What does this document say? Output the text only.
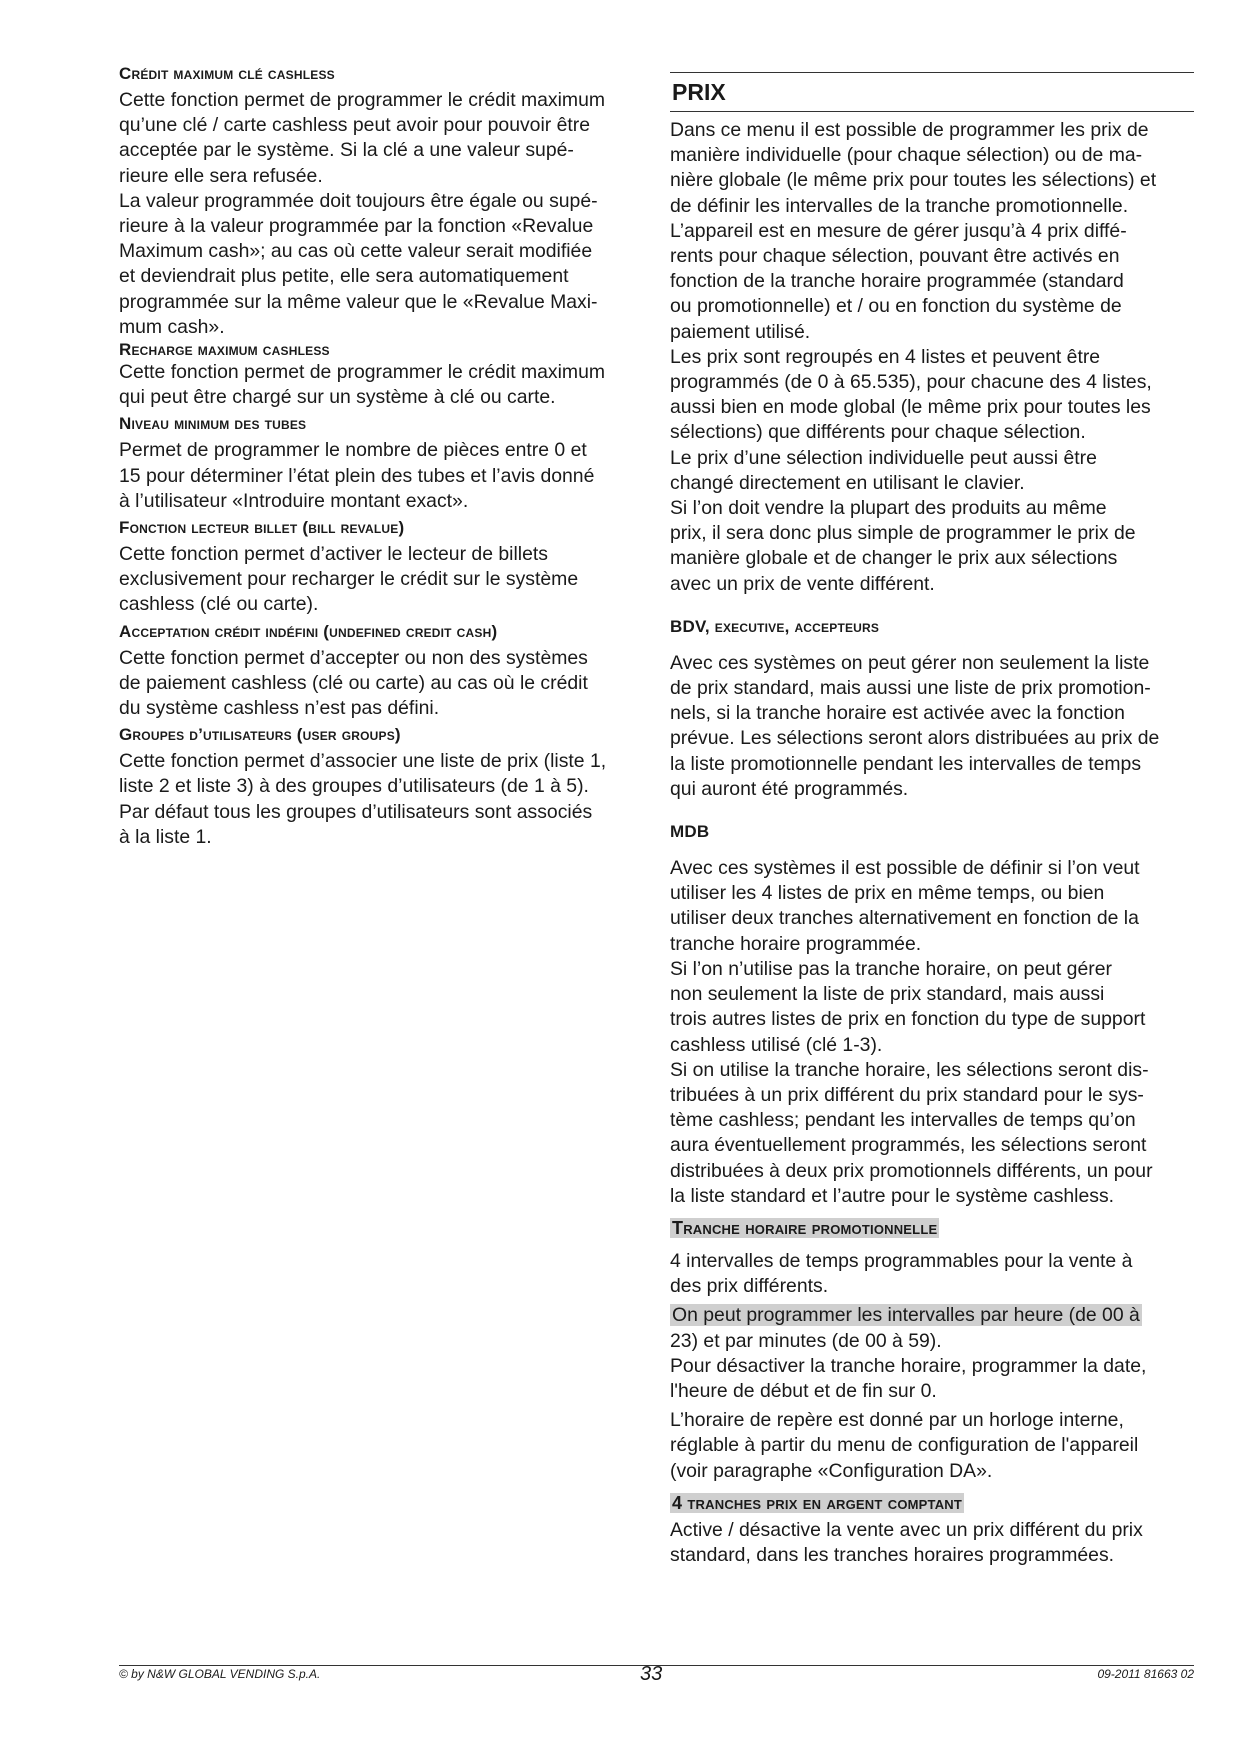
Crédit maximum clé cashless

Cette fonction permet de programmer le crédit maximum
qu’une clé / carte cashless peut avoir pour pouvoir être
acceptée par le système. Si la clé a une valeur supé-
rieure elle sera refusée.
La valeur programmée doit toujours être égale ou supé-
rieure à la valeur programmée par la fonction «Revalue
Maximum cash»; au cas où cette valeur serait modifiée
et deviendrait plus petite, elle sera automatiquement
programmée sur la même valeur que le «Revalue Maxi-
mum cash».

Recharge maximum cashless

Cette fonction permet de programmer le crédit maximum
qui peut être chargé sur un système à clé ou carte.

Niveau minimum des tubes

Permet de programmer le nombre de pièces entre 0 et
15 pour déterminer l’état plein des tubes et l’avis donné
à l’utilisateur «Introduire montant exact».

Fonction lecteur billet (bill revalue)

Cette fonction permet d’activer le lecteur de billets
exclusivement pour recharger le crédit sur le système
cashless (clé ou carte).

Acceptation crédit indéfini (undefined credit cash)

Cette fonction permet d’accepter ou non des systèmes
de paiement cashless (clé ou carte) au cas où le crédit
du système cashless n’est pas défini.

Groupes d’utilisateurs (user groups)

Cette fonction permet d’associer une liste de prix (liste 1,
liste 2 et liste 3) à des groupes d’utilisateurs (de 1 à 5).
Par défaut tous les groupes d’utilisateurs sont associés
à la liste 1.

PRIX

Dans ce menu il est possible de programmer les prix de
manière individuelle (pour chaque sélection) ou de ma-
nière globale (le même prix pour toutes les sélections) et
de définir les intervalles de la tranche promotionnelle.
L’appareil est en mesure de gérer jusqu’à 4 prix diffé-
rents pour chaque sélection, pouvant être activés en
fonction de la tranche horaire programmée (standard
ou promotionnelle) et / ou en fonction du système de
paiement utilisé.
Les prix sont regroupés en 4 listes et peuvent être
programmés (de 0 à 65.535), pour chacune des 4 listes,
aussi bien en mode global (le même prix pour toutes les
sélections) que différents pour chaque sélection.
Le prix d’une sélection individuelle peut aussi être
changé directement en utilisant le clavier.
Si l’on doit vendre la plupart des produits au même
prix, il sera donc plus simple de programmer le prix de
manière globale et de changer le prix aux sélections
avec un prix de vente différent.

BDV, executive, accepteurs

Avec ces systèmes on peut gérer non seulement la liste
de prix standard, mais aussi une liste de prix promotion-
nels, si la tranche horaire est activée avec la fonction
prévue. Les sélections seront alors distribuées au prix de
la liste promotionnelle pendant les intervalles de temps
qui auront été programmés.

MDB

Avec ces systèmes il est possible de définir si l’on veut
utiliser les 4 listes de prix en même temps, ou bien
utiliser deux tranches alternativement en fonction de la
tranche horaire programmée.
Si l’on n’utilise pas la tranche horaire, on peut gérer
non seulement la liste de prix standard, mais aussi
trois autres listes de prix en fonction du type de support
cashless utilisé (clé 1-3).
Si on utilise la tranche horaire, les sélections seront dis-
tribuées à un prix différent du prix standard pour le sys-
tème cashless; pendant les intervalles de temps qu’on
aura éventuellement programmés, les sélections seront
distribuées à deux prix promotionnels différents, un pour
la liste standard et l’autre pour le système cashless.

Tranche horaire promotionnelle

4 intervalles de temps programmables pour la vente à
des prix différents.

On peut programmer les intervalles par heure (de 00 à

23) et par minutes (de 00 à 59).
Pour désactiver la tranche horaire, programmer la date,
l'heure de début et de fin sur 0.

L’horaire de repère est donné par un horloge interne,
réglable à partir du menu de configuration de l'appareil
(voir paragraphe «Configuration DA».

4 tranches prix en argent comptant

Active / désactive la vente avec un prix différent du prix
standard, dans les tranches horaires programmées.

© by N&W GLOBAL VENDING S.p.A.	33	09-2011 81663 02
